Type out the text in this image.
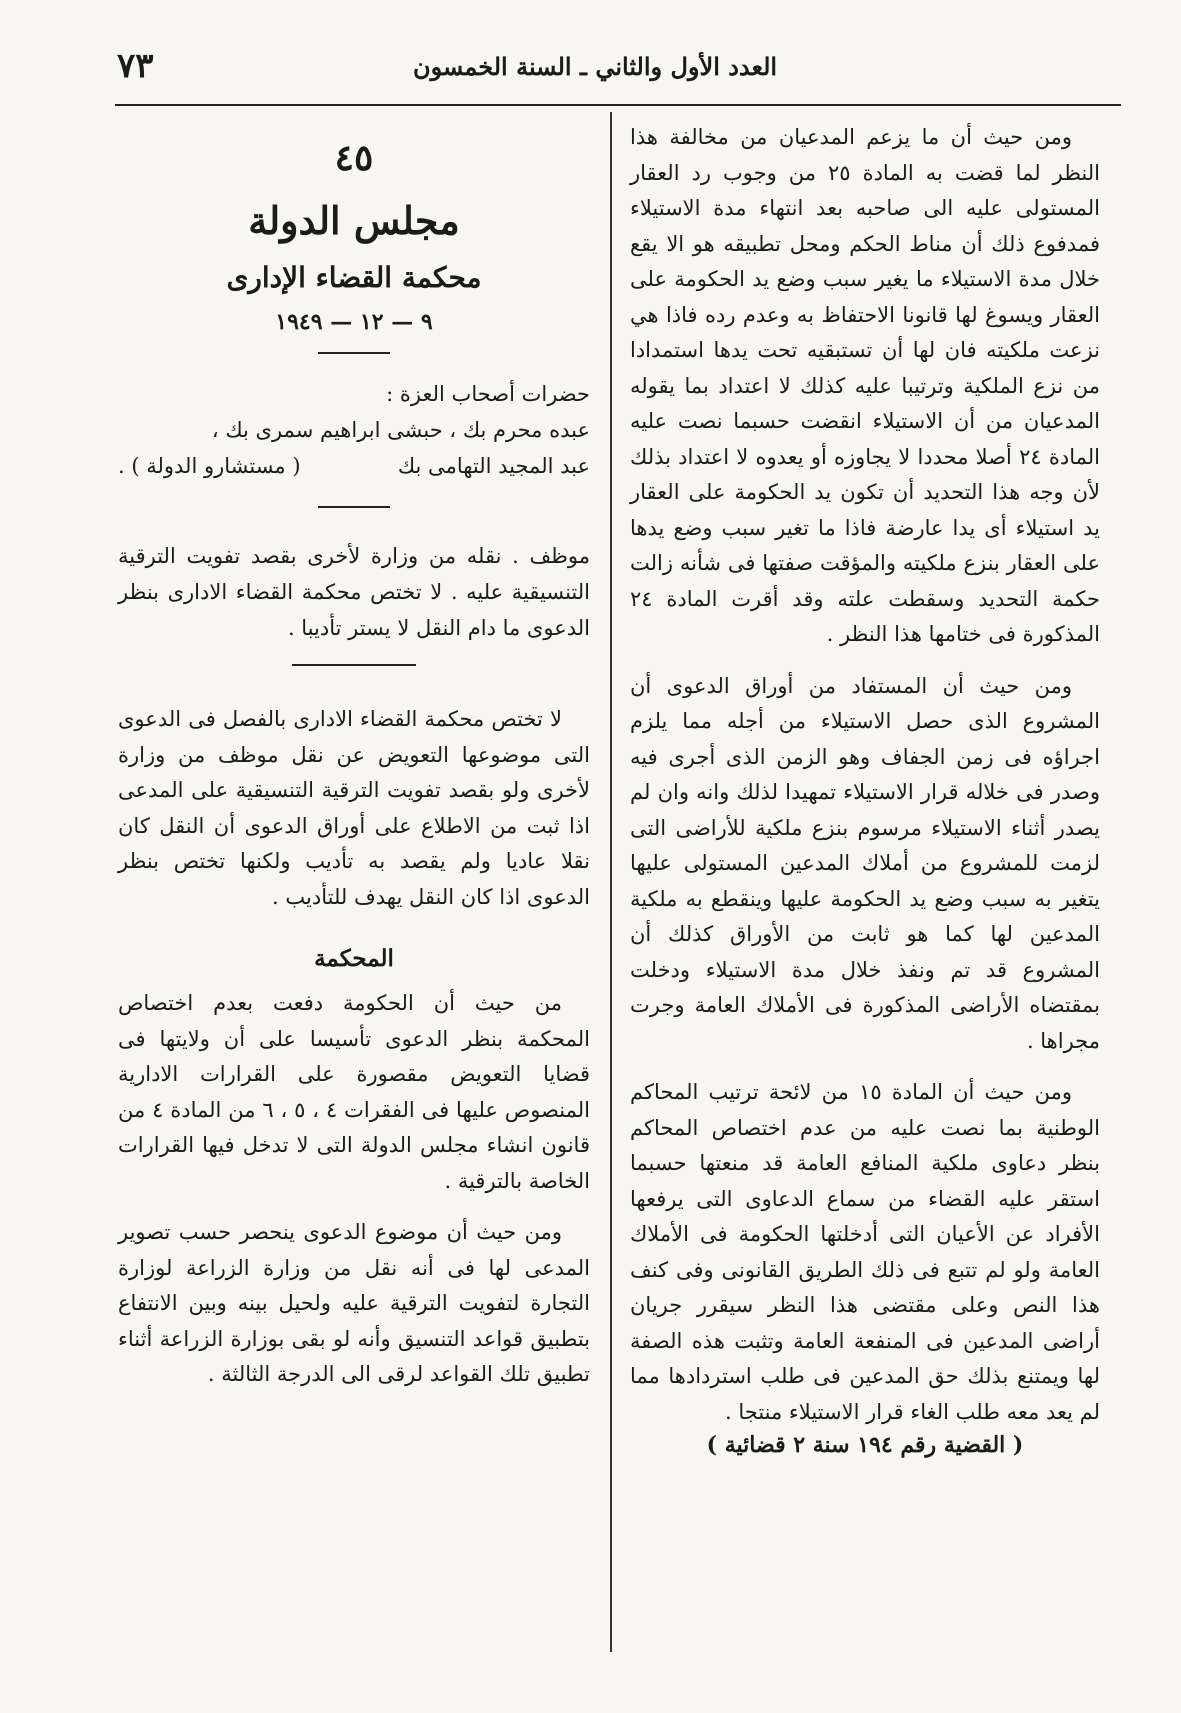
٧٣	العدد الأول والثاني ـ السنة الخمسون

ومن حيث أن ما يزعم المدعيان من مخالفة هذا النظر لما قضت به المادة ٢٥ من وجوب رد العقار المستولى عليه الى صاحبه بعد انتهاء مدة الاستيلاء فمدفوع ذلك أن مناط الحكم ومحل تطبيقه هو الا يقع خلال مدة الاستيلاء ما يغير سبب وضع يد الحكومة على العقار ويسوغ لها قانونا الاحتفاظ به وعدم رده فاذا هي نزعت ملكيته فان لها أن تستبقيه تحت يدها استمدادا من نزع الملكية وترتيبا عليه كذلك لا اعتداد بما يقوله المدعيان من أن الاستيلاء انقضت حسبما نصت عليه المادة ٢٤ أصلا محددا لا يجاوزه أو يعدوه لا اعتداد بذلك لأن وجه هذا التحديد أن تكون يد الحكومة على العقار يد استيلاء أى يدا عارضة فاذا ما تغير سبب وضع يدها على العقار بنزع ملكيته والمؤقت صفتها فى شأنه زالت حكمة التحديد وسقطت علته وقد أقرت المادة ٢٤ المذكورة فى ختامها هذا النظر .

ومن حيث أن المستفاد من أوراق الدعوى أن المشروع الذى حصل الاستيلاء من أجله مما يلزم اجراؤه فى زمن الجفاف وهو الزمن الذى أجرى فيه وصدر فى خلاله قرار الاستيلاء تمهيدا لذلك وانه وان لم يصدر أثناء الاستيلاء مرسوم بنزع ملكية للأراضى التى لزمت للمشروع من أملاك المدعين المستولى عليها يتغير به سبب وضع يد الحكومة عليها وينقطع به ملكية المدعين لها كما هو ثابت من الأوراق كذلك أن المشروع قد تم ونفذ خلال مدة الاستيلاء ودخلت بمقتضاه الأراضى المذكورة فى الأملاك العامة وجرت مجراها .

ومن حيث أن المادة ١٥ من لائحة ترتيب المحاكم الوطنية بما نصت عليه من عدم اختصاص المحاكم بنظر دعاوى ملكية المنافع العامة قد منعتها حسبما استقر عليه القضاء من سماع الدعاوى التى يرفعها الأفراد عن الأعيان التى أدخلتها الحكومة فى الأملاك العامة ولو لم تتبع فى ذلك الطريق القانونى وفى كنف هذا النص وعلى مقتضى هذا النظر سيقرر جريان أراضى المدعين فى المنفعة العامة وتثبت هذه الصفة لها ويمتنع بذلك حق المدعين فى طلب استردادها مما لم يعد معه طلب الغاء قرار الاستيلاء منتجا .

( القضية رقم ١٩٤ سنة ٢ قضائية )

٤٥

مجلس الدولة

محكمة القضاء الإدارى

٩ — ١٢ — ١٩٤٩

حضرات أصحاب العزة :

عبده محرم بك ، حبشى ابراهيم سمرى بك ،

عبد المجيد التهامى بك
( مستشارو الدولة ) .

موظف . نقله من وزارة لأخرى بقصد تفويت الترقية التنسيقية عليه . لا تختص محكمة القضاء الادارى بنظر الدعوى ما دام النقل لا يستر تأديبا .

لا تختص محكمة القضاء الادارى بالفصل فى الدعوى التى موضوعها التعويض عن نقل موظف من وزارة لأخرى ولو بقصد تفويت الترقية التنسيقية على المدعى اذا ثبت من الاطلاع على أوراق الدعوى أن النقل كان نقلا عاديا ولم يقصد به تأديب ولكنها تختص بنظر الدعوى اذا كان النقل يهدف للتأديب .

المحكمة

من حيث أن الحكومة دفعت بعدم اختصاص المحكمة بنظر الدعوى تأسيسا على أن ولايتها فى قضايا التعويض مقصورة على القرارات الادارية المنصوص عليها فى الفقرات ٤ ، ٥ ، ٦ من المادة ٤ من قانون انشاء مجلس الدولة التى لا تدخل فيها القرارات الخاصة بالترقية .

ومن حيث أن موضوع الدعوى ينحصر حسب تصوير المدعى لها فى أنه نقل من وزارة الزراعة لوزارة التجارة لتفويت الترقية عليه ولحيل بينه وبين الانتفاع بتطبيق قواعد التنسيق وأنه لو بقى بوزارة الزراعة أثناء تطبيق تلك القواعد لرقى الى الدرجة الثالثة .
